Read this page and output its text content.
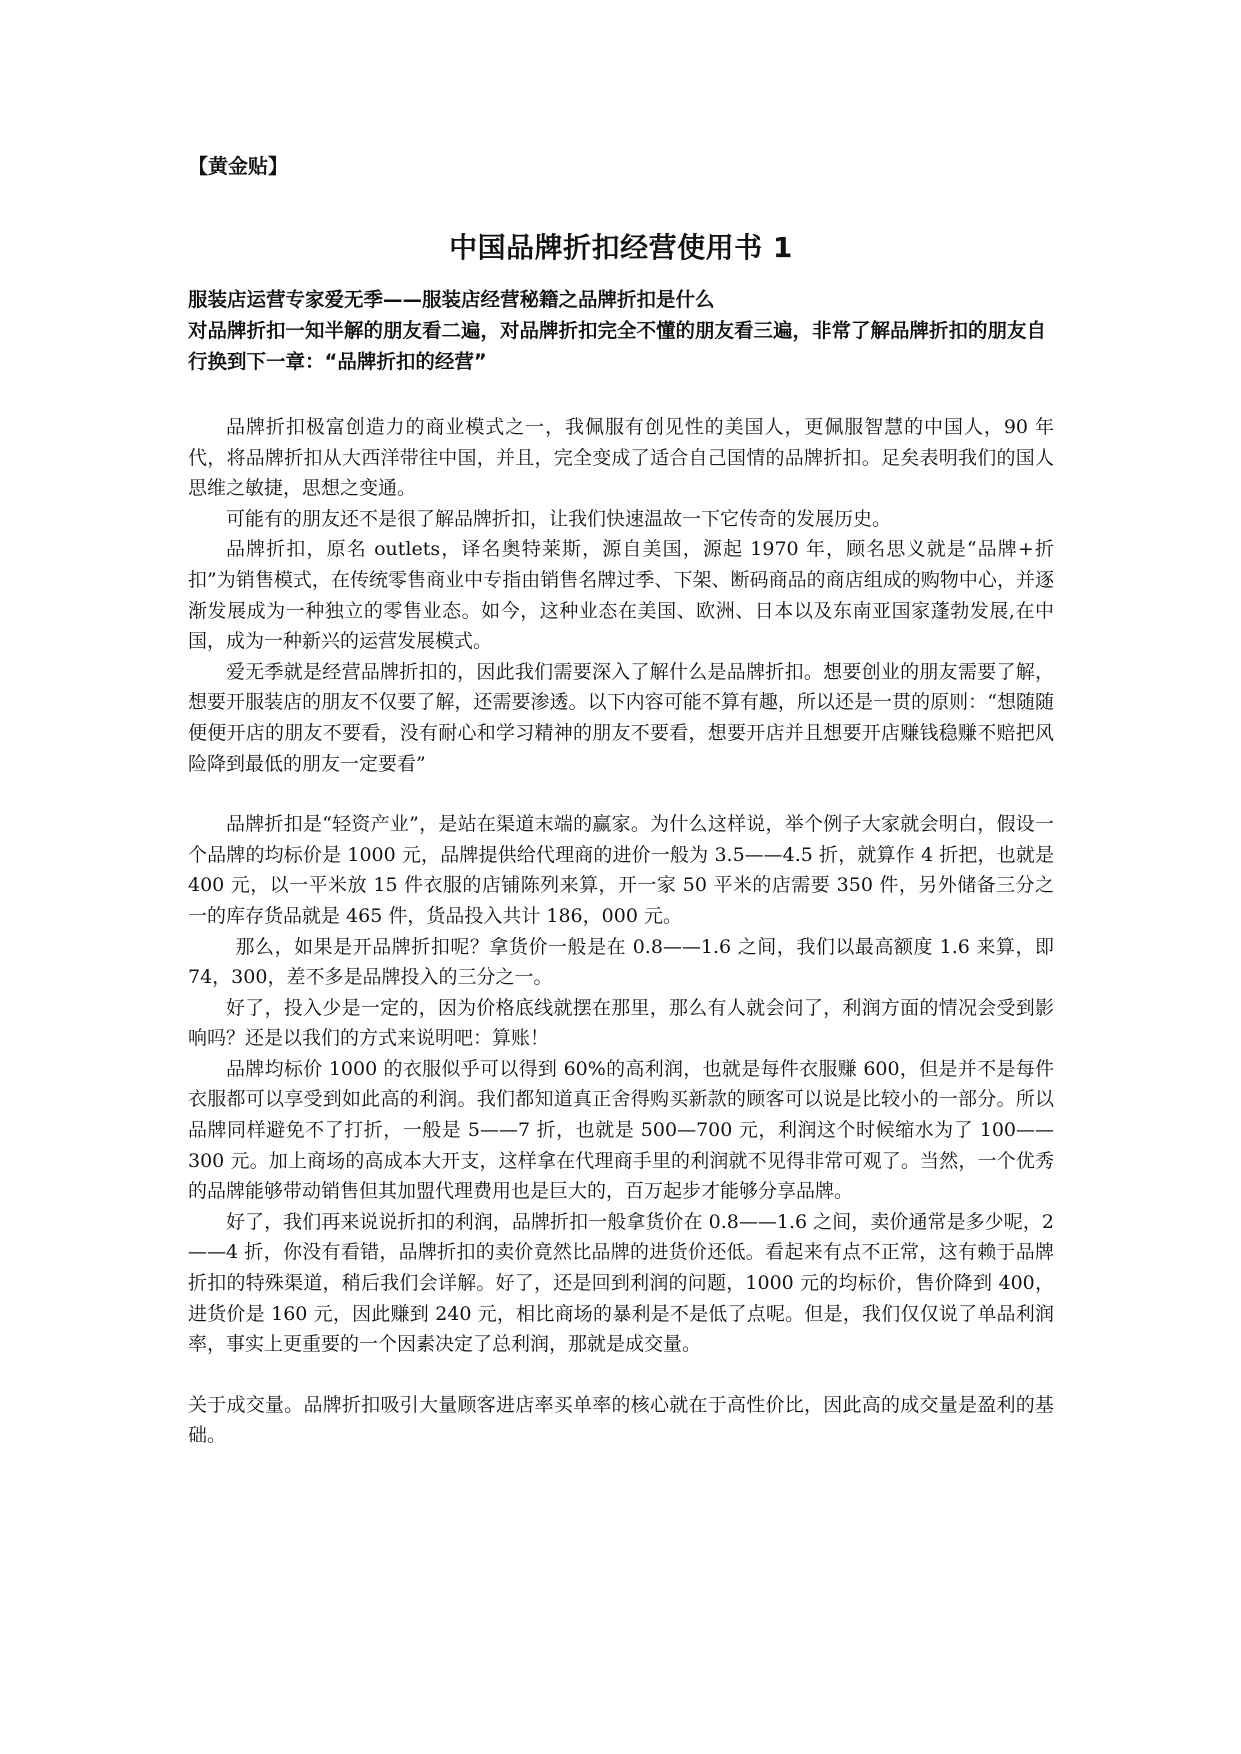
【黄金贴】
中国品牌折扣经营使用书 1

服装店运营专家爱无季——服装店经营秘籍之品牌折扣是什么

对品牌折扣一知半解的朋友看二遍，对品牌折扣完全不懂的朋友看三遍，非常了解品牌折扣的朋友自行换到下一章：“品牌折扣的经营”

品牌折扣极富创造力的商业模式之一，我佩服有创见性的美国人，更佩服智慧的中国人，90 年代，将品牌折扣从大西洋带往中国，并且，完全变成了适合自己国情的品牌折扣。足矣表明我们的国人思维之敏捷，思想之变通。

可能有的朋友还不是很了解品牌折扣，让我们快速温故一下它传奇的发展历史。

品牌折扣，原名 outlets，译名奥特莱斯，源自美国，源起 1970 年，顾名思义就是“品牌+折扣”为销售模式，在传统零售商业中专指由销售名牌过季、下架、断码商品的商店组成的购物中心，并逐渐发展成为一种独立的零售业态。如今，这种业态在美国、欧洲、日本以及东南亚国家蓬勃发展,在中国，成为一种新兴的运营发展模式。

爱无季就是经营品牌折扣的，因此我们需要深入了解什么是品牌折扣。想要创业的朋友需要了解，想要开服装店的朋友不仅要了解，还需要渗透。以下内容可能不算有趣，所以还是一贯的原则：“想随随便便开店的朋友不要看，没有耐心和学习精神的朋友不要看，想要开店并且想要开店赚钱稳赚不赔把风险降到最低的朋友一定要看”

品牌折扣是“轻资产业”，是站在渠道末端的赢家。为什么这样说，举个例子大家就会明白，假设一个品牌的均标价是 1000 元，品牌提供给代理商的进价一般为 3.5——4.5 折，就算作 4 折把，也就是 400 元，以一平米放 15 件衣服的店铺陈列来算，开一家 50 平米的店需要 350 件，另外储备三分之一的库存货品就是 465 件，货品投入共计 186，000 元。

那么，如果是开品牌折扣呢？拿货价一般是在 0.8——1.6 之间，我们以最高额度 1.6 来算，即 74，300，差不多是品牌投入的三分之一。

好了，投入少是一定的，因为价格底线就摆在那里，那么有人就会问了，利润方面的情况会受到影响吗？还是以我们的方式来说明吧：算账！

品牌均标价 1000 的衣服似乎可以得到 60%的高利润，也就是每件衣服赚 600，但是并不是每件衣服都可以享受到如此高的利润。我们都知道真正舍得购买新款的顾客可以说是比较小的一部分。所以品牌同样避免不了打折，一般是 5——7 折，也就是 500—700 元，利润这个时候缩水为了 100——300 元。加上商场的高成本大开支，这样拿在代理商手里的利润就不见得非常可观了。当然，一个优秀的品牌能够带动销售但其加盟代理费用也是巨大的，百万起步才能够分享品牌。

好了，我们再来说说折扣的利润，品牌折扣一般拿货价在 0.8——1.6 之间，卖价通常是多少呢，2——4 折，你没有看错，品牌折扣的卖价竟然比品牌的进货价还低。看起来有点不正常，这有赖于品牌折扣的特殊渠道，稍后我们会详解。好了，还是回到利润的问题，1000 元的均标价，售价降到 400，进货价是 160 元，因此赚到 240 元，相比商场的暴利是不是低了点呢。但是，我们仅仅说了单品利润率，事实上更重要的一个因素决定了总利润，那就是成交量。

关于成交量。品牌折扣吸引大量顾客进店率买单率的核心就在于高性价比，因此高的成交量是盈利的基础。
